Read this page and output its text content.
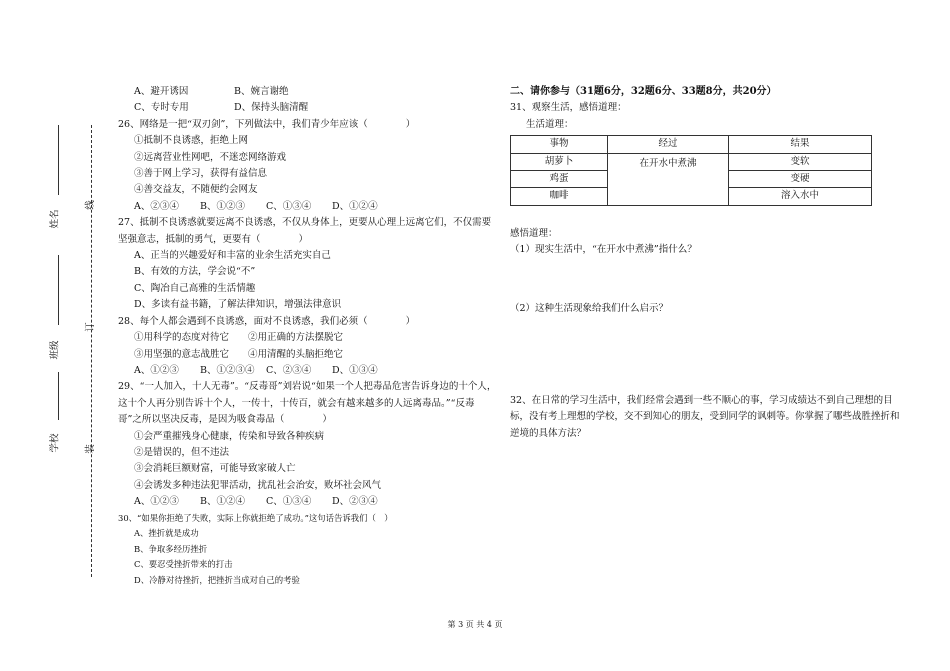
姓名
班级
学校
线
订
装
A、避开诱因	B、婉言谢绝
C、专时专用	D、保持头脑清醒
26、网络是一把“双刃剑”，下列做法中，我们青少年应该（　　　　）
①抵制不良诱惑，拒绝上网
②远离营业性网吧，不迷恋网络游戏
③善于网上学习，获得有益信息
④善交益友，不随便约会网友
A、②③④ B、①②③ C、①③④ D、①②④
27、抵制不良诱惑就要远离不良诱惑，不仅从身体上，更要从心理上远离它们，不仅需要坚强意志，抵制的勇气，更要有（　　　　）
A、正当的兴趣爱好和丰富的业余生活充实自己
B、有效的方法，学会说“不”
C、陶冶自己高雅的生活情趣
D、多读有益书籍，了解法律知识，增强法律意识
28、每个人都会遇到不良诱惑，面对不良诱惑，我们必须（　　　　）
①用科学的态度对待它　　②用正确的方法摆脱它
③用坚强的意志战胜它　　④用清醒的头脑拒绝它
A、①②③ B、①②③④ C、②③④ D、①③④
29、“一人加入，十人无毒”。“反毒哥”刘岩说“如果一个人把毒品危害告诉身边的十个人，这十个人再分别告诉十个人，一传十，十传百，就会有越来越多的人远离毒品。”“反毒哥”之所以坚决反毒，是因为吸食毒品（　　　　）
①会严重摧残身心健康，传染和导致各种疾病
②是错误的，但不违法
③会消耗巨额财富，可能导致家破人亡
④会诱发多种违法犯罪活动，扰乱社会治安，败坏社会风气
A、①②③ B、①②④ C、①③④ D、②③④
30、“如果你拒绝了失败，实际上你就拒绝了成功。”这句话告诉我们（　）
A、挫折就是成功
B、争取多经历挫折
C、要忍受挫折带来的打击
D、冷静对待挫折，把挫折当成对自己的考验
二、请你参与（31题6分，32题6分、33题8分，共20分）
31、观察生活，感悟道理：
生活道理：
事物	经过	结果
胡萝卜	在开水中煮沸	变软
鸡蛋		变硬
咖啡		溶入水中
感悟道理：
（1）现实生活中，“在开水中煮沸”指什么？
（2）这种生活现象给我们什么启示？
32、在日常的学习生活中，我们经常会遇到一些不顺心的事，学习成绩达不到自己理想的目标，没有考上理想的学校，交不到知心的朋友，受到同学的讽刺等。你掌握了哪些战胜挫折和逆境的具体方法？
第 3 页 共 4 页
